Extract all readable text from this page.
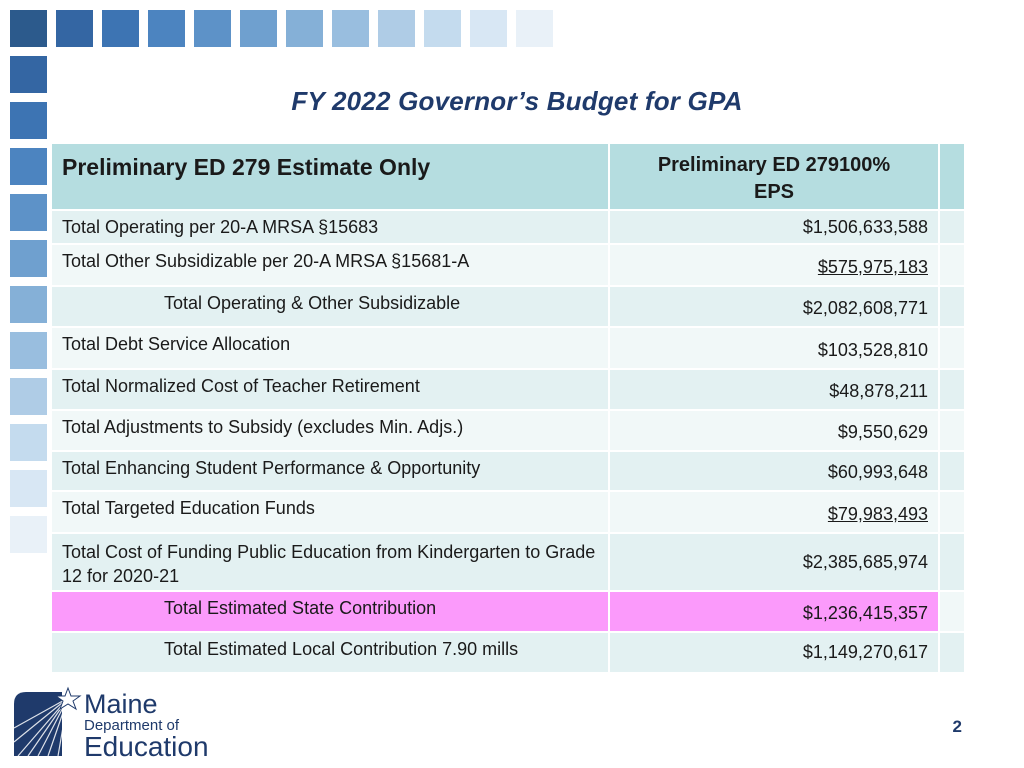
FY 2022 Governor’s Budget for GPA
Preliminary ED 279 Estimate Only	Preliminary ED 279100%
EPS	
Total Operating per 20-A MRSA §15683	$1,506,633,588	
Total Other Subsidizable per 20-A MRSA §15681-A	$575,975,183	
Total Operating & Other Subsidizable	$2,082,608,771	
Total Debt Service Allocation	$103,528,810	
Total Normalized Cost of Teacher Retirement	$48,878,211	
Total Adjustments to Subsidy (excludes Min. Adjs.)	$9,550,629	
Total Enhancing Student Performance & Opportunity	$60,993,648	
Total Targeted Education Funds	$79,983,493	
Total Cost of Funding Public Education from Kindergarten to Grade 12 for 2020-21	$2,385,685,974	
Total Estimated State Contribution	$1,236,415,357	
Total Estimated Local Contribution 7.90 mills	$1,149,270,617	
2
Maine
Department of
Education
